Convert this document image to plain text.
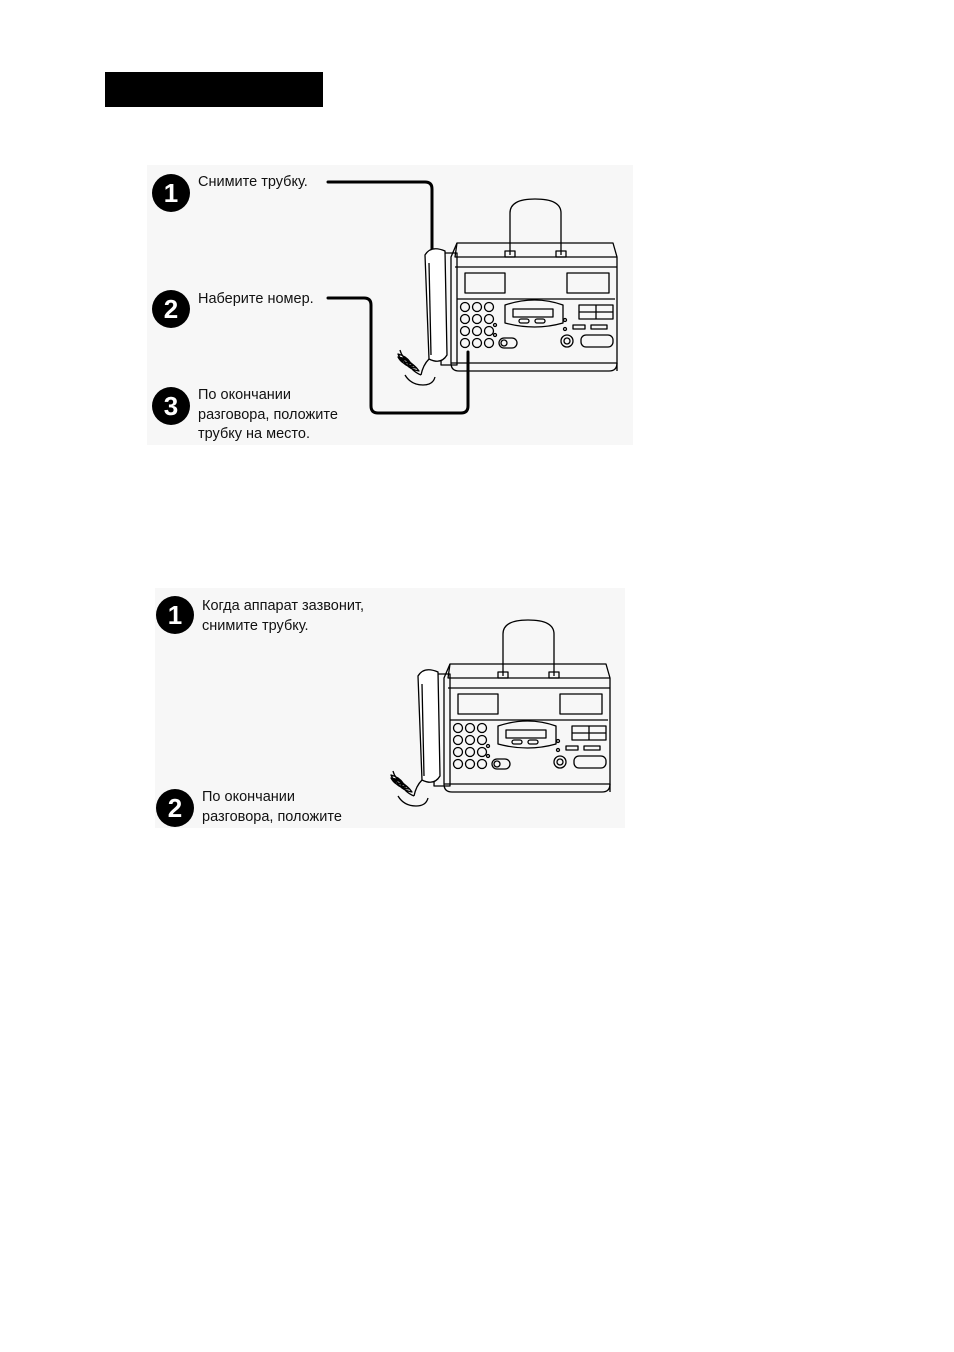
1	Снимите трубку.
2	Наберите номер.
3	По окончании
разговора, положите
трубку на место.
1	Когда аппарат зазвонит,
снимите трубку.
2	По окончании
разговора, положите
